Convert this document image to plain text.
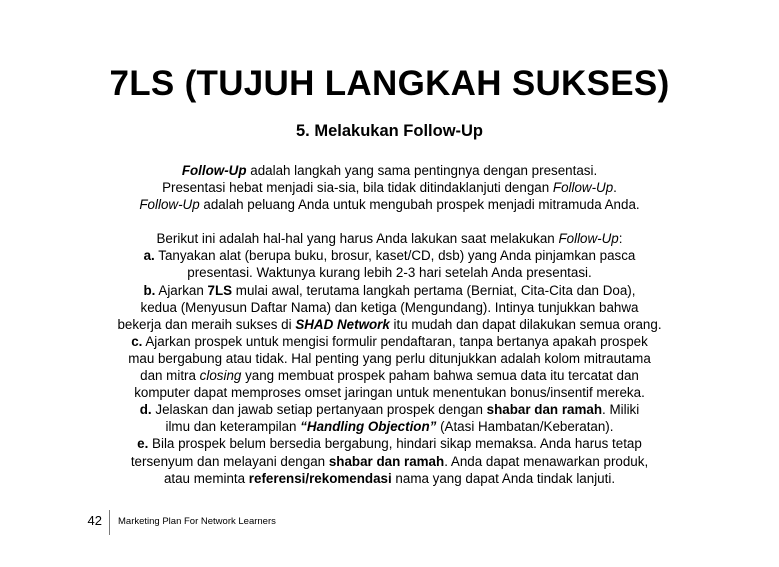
7LS (TUJUH LANGKAH SUKSES)
5. Melakukan Follow-Up
Follow-Up adalah langkah yang sama pentingnya dengan presentasi.
Presentasi hebat menjadi sia-sia, bila tidak ditindaklanjuti dengan Follow-Up.
Follow-Up adalah peluang Anda untuk mengubah prospek menjadi mitramuda Anda.
Berikut ini adalah hal-hal yang harus Anda lakukan saat melakukan Follow-Up:
a. Tanyakan alat (berupa buku, brosur, kaset/CD, dsb) yang Anda pinjamkan pasca
presentasi. Waktunya kurang lebih 2-3 hari setelah Anda presentasi.
b. Ajarkan 7LS mulai awal, terutama langkah pertama (Berniat, Cita-Cita dan Doa),
kedua (Menyusun Daftar Nama) dan ketiga (Mengundang). Intinya tunjukkan bahwa
bekerja dan meraih sukses di SHAD Network itu mudah dan dapat dilakukan semua orang.
c. Ajarkan prospek untuk mengisi formulir pendaftaran, tanpa bertanya apakah prospek
mau bergabung atau tidak. Hal penting yang perlu ditunjukkan adalah kolom mitrautama
dan mitra closing yang membuat prospek paham bahwa semua data itu tercatat dan
komputer dapat memproses omset jaringan untuk menentukan bonus/insentif mereka.
d. Jelaskan dan jawab setiap pertanyaan prospek dengan shabar dan ramah. Miliki
ilmu dan keterampilan “Handling Objection” (Atasi Hambatan/Keberatan).
e. Bila prospek belum bersedia bergabung, hindari sikap memaksa. Anda harus tetap
tersenyum dan melayani dengan shabar dan ramah. Anda dapat menawarkan produk,
atau meminta referensi/rekomendasi nama yang dapat Anda tindak lanjuti.
42 Marketing Plan For Network Learners
